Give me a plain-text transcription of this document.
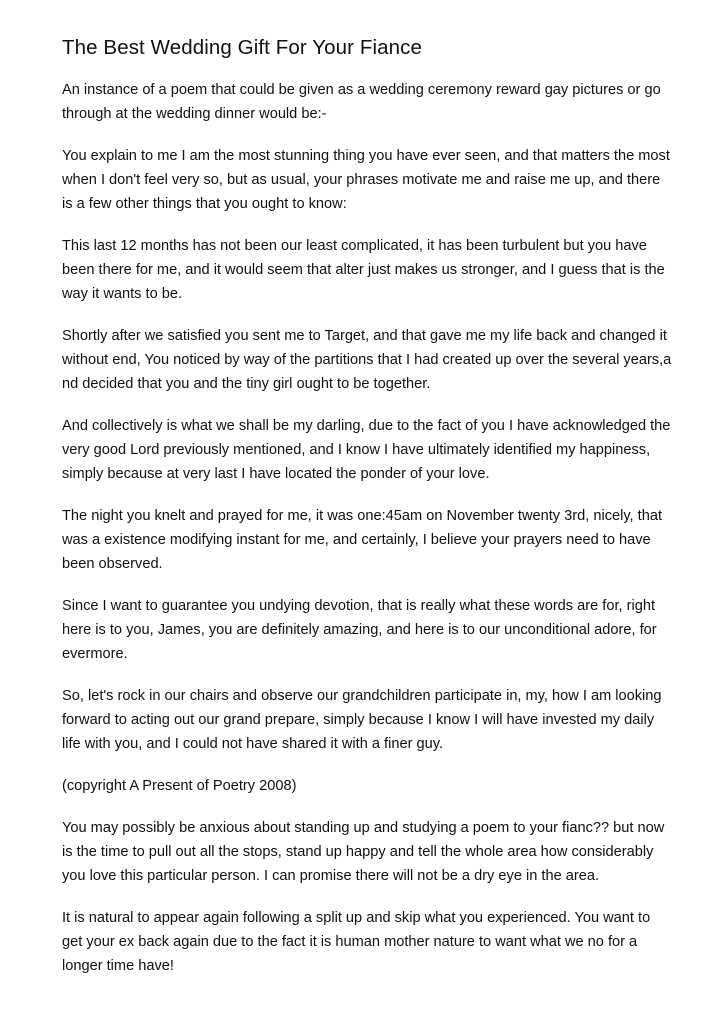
The Best Wedding Gift For Your Fiance

An instance of a poem that could be given as a wedding ceremony reward gay pictures or go through at the wedding dinner would be:-

You explain to me I am the most stunning thing you have ever seen, and that matters the most when I don't feel very so, but as usual, your phrases motivate me and raise me up, and there is a few other things that you ought to know:

This last 12 months has not been our least complicated, it has been turbulent but you have been there for me, and it would seem that alter just makes us stronger, and I guess that is the way it wants to be.

Shortly after we satisfied you sent me to Target, and that gave me my life back and changed it without end, You noticed by way of the partitions that I had created up over the several years,a nd decided that you and the tiny girl ought to be together.

And collectively is what we shall be my darling, due to the fact of you I have acknowledged the very good Lord previously mentioned, and I know I have ultimately identified my happiness, simply because at very last I have located the ponder of your love.

The night you knelt and prayed for me, it was one:45am on November twenty 3rd, nicely, that was a existence modifying instant for me, and certainly, I believe your prayers need to have been observed.

Since I want to guarantee you undying devotion, that is really what these words are for, right here is to you, James, you are definitely amazing, and here is to our unconditional adore, for evermore.

So, let's rock in our chairs and observe our grandchildren participate in, my, how I am looking forward to acting out our grand prepare, simply because I know I will have invested my daily life with you, and I could not have shared it with a finer guy.

(copyright A Present of Poetry 2008)

You may possibly be anxious about standing up and studying a poem to your fianc?? but now is the time to pull out all the stops, stand up happy and tell the whole area how considerably you love this particular person. I can promise there will not be a dry eye in the area.

It is natural to appear again following a split up and skip what you experienced. You want to get your ex back again due to the fact it is human mother nature to want what we no for a longer time have!
